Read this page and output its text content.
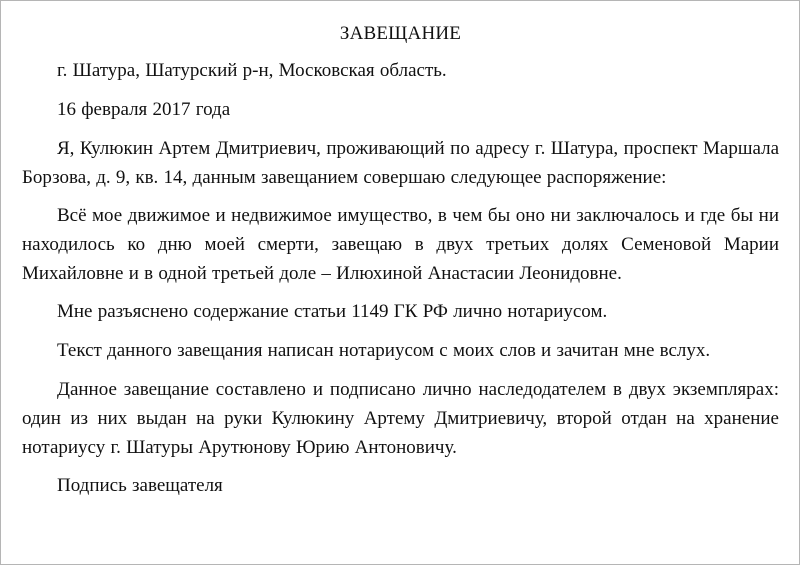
ЗАВЕЩАНИЕ

г. Шатура, Шатурский р-н, Московская область.

16 февраля 2017 года

Я, Кулюкин Артем Дмитриевич, проживающий по адресу г. Шатура, проспект Маршала Борзова, д. 9, кв. 14, данным завещанием совершаю следующее распоряжение:

Всё мое движимое и недвижимое имущество, в чем бы оно ни заключалось и где бы ни находилось ко дню моей смерти, завещаю в двух третьих долях Семеновой Марии Михайловне и в одной третьей доле – Илюхиной Анастасии Леонидовне.

Мне разъяснено содержание статьи 1149 ГК РФ лично нотариусом.

Текст данного завещания написан нотариусом с моих слов и зачитан мне вслух.

Данное завещание составлено и подписано лично наследодателем в двух экземплярах: один из них выдан на руки Кулюкину Артему Дмитриевичу, второй отдан на хранение нотариусу г. Шатуры Арутюнову Юрию Антоновичу.

Подпись завещателя
